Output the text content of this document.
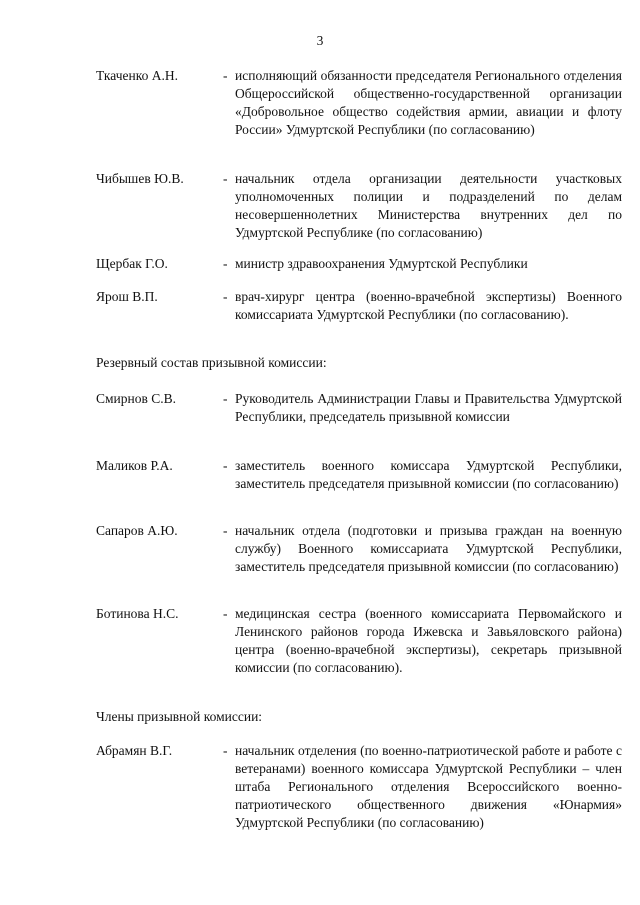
3
Ткаченко А.Н.	- исполняющий обязанности председателя Регионального отделения Общероссийской общественно-государственной организации «Добровольное общество содействия армии, авиации и флоту России» Удмуртской Республики (по согласованию)
Чибышев Ю.В.	- начальник отдела организации деятельности участковых уполномоченных полиции и подразделений по делам несовершеннолетних Министерства внутренних дел по Удмуртской Республике (по согласованию)
Щербак Г.О.	- министр здравоохранения Удмуртской Республики
Ярош В.П.	- врач-хирург центра (военно-врачебной экспертизы) Военного комиссариата Удмуртской Республики (по согласованию).
Резервный состав призывной комиссии:
Смирнов С.В.	- Руководитель Администрации Главы и Правительства Удмуртской Республики, председатель призывной комиссии
Маликов Р.А.	- заместитель военного комиссара Удмуртской Республики, заместитель председателя призывной комиссии (по согласованию)
Сапаров А.Ю.	- начальник отдела (подготовки и призыва граждан на военную службу) Военного комиссариата Удмуртской Республики, заместитель председателя призывной комиссии (по согласованию)
Ботинова Н.С.	- медицинская сестра (военного комиссариата Первомайского и Ленинского районов города Ижевска и Завьяловского района) центра (военно-врачебной экспертизы), секретарь призывной комиссии (по согласованию).
Члены призывной комиссии:
Абрамян В.Г.	- начальник отделения (по военно-патриотической работе и работе с ветеранами) военного комиссара Удмуртской Республики – член штаба Регионального отделения Всероссийского военно-патриотического общественного движения «Юнармия» Удмуртской Республики (по согласованию)
